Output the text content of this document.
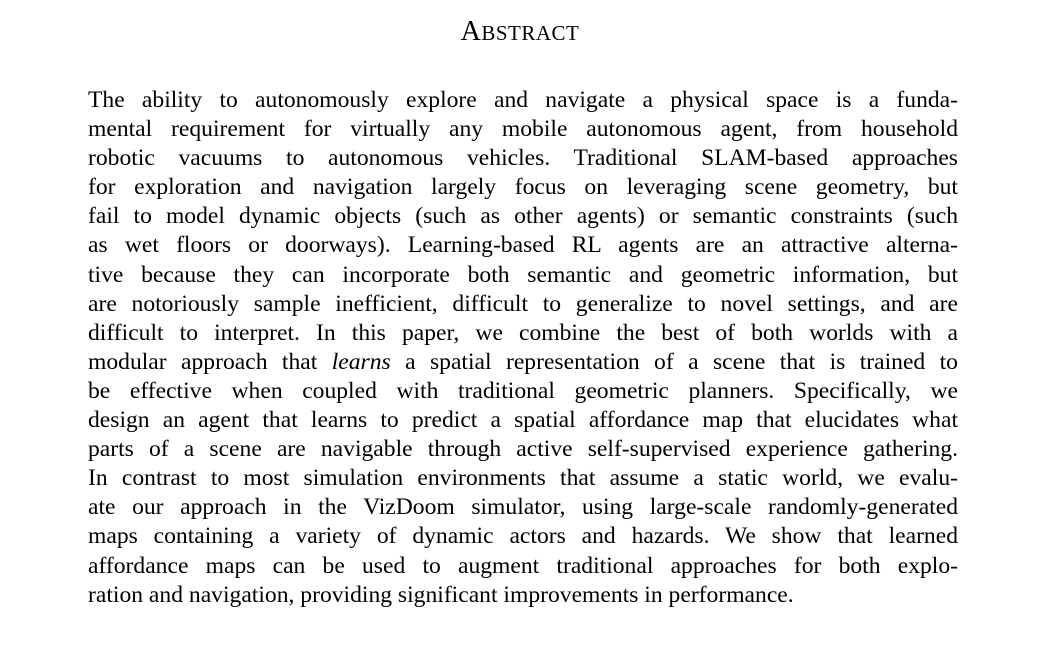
ABSTRACT
The ability to autonomously explore and navigate a physical space is a funda-
mental requirement for virtually any mobile autonomous agent, from household
robotic vacuums to autonomous vehicles. Traditional SLAM-based approaches
for exploration and navigation largely focus on leveraging scene geometry, but
fail to model dynamic objects (such as other agents) or semantic constraints (such
as wet floors or doorways). Learning-based RL agents are an attractive alterna-
tive because they can incorporate both semantic and geometric information, but
are notoriously sample inefficient, difficult to generalize to novel settings, and are
difficult to interpret. In this paper, we combine the best of both worlds with a
modular approach that learns a spatial representation of a scene that is trained to
be effective when coupled with traditional geometric planners. Specifically, we
design an agent that learns to predict a spatial affordance map that elucidates what
parts of a scene are navigable through active self-supervised experience gathering.
In contrast to most simulation environments that assume a static world, we evalu-
ate our approach in the VizDoom simulator, using large-scale randomly-generated
maps containing a variety of dynamic actors and hazards. We show that learned
affordance maps can be used to augment traditional approaches for both explo-
ration and navigation, providing significant improvements in performance.
